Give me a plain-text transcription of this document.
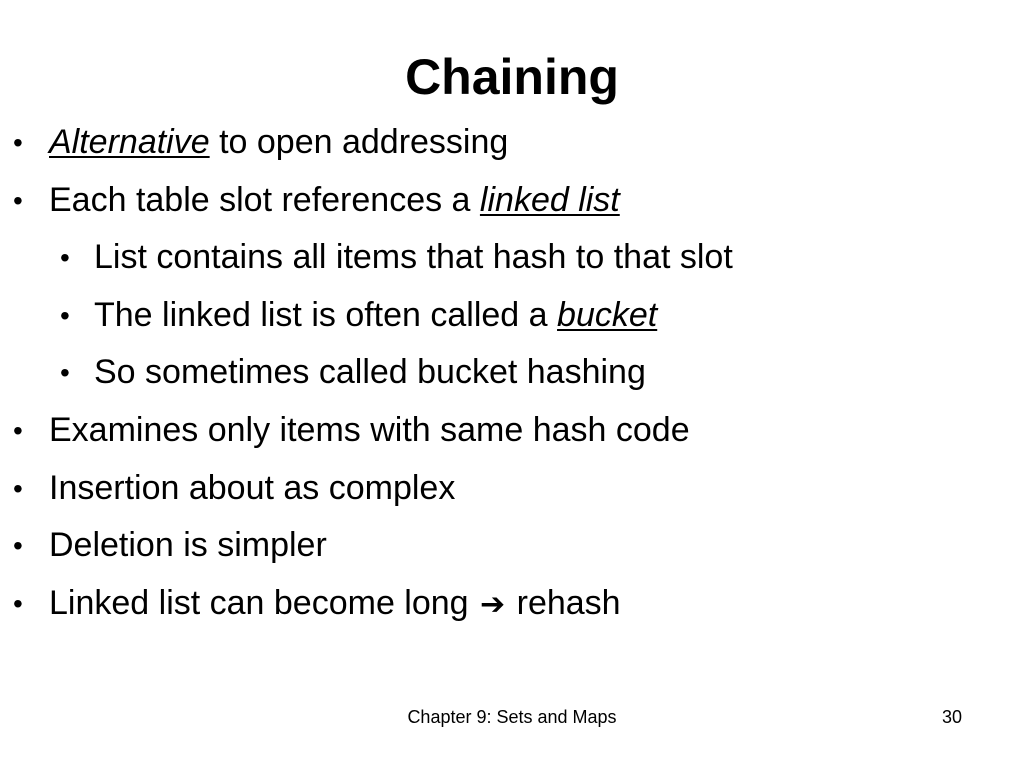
Chaining
• Alternative to open addressing
• Each table slot references a linked list
• List contains all items that hash to that slot
• The linked list is often called a bucket
• So sometimes called bucket hashing
• Examines only items with same hash code
• Insertion about as complex
• Deletion is simpler
• Linked list can become long ➔ rehash
Chapter 9: Sets and Maps	30
